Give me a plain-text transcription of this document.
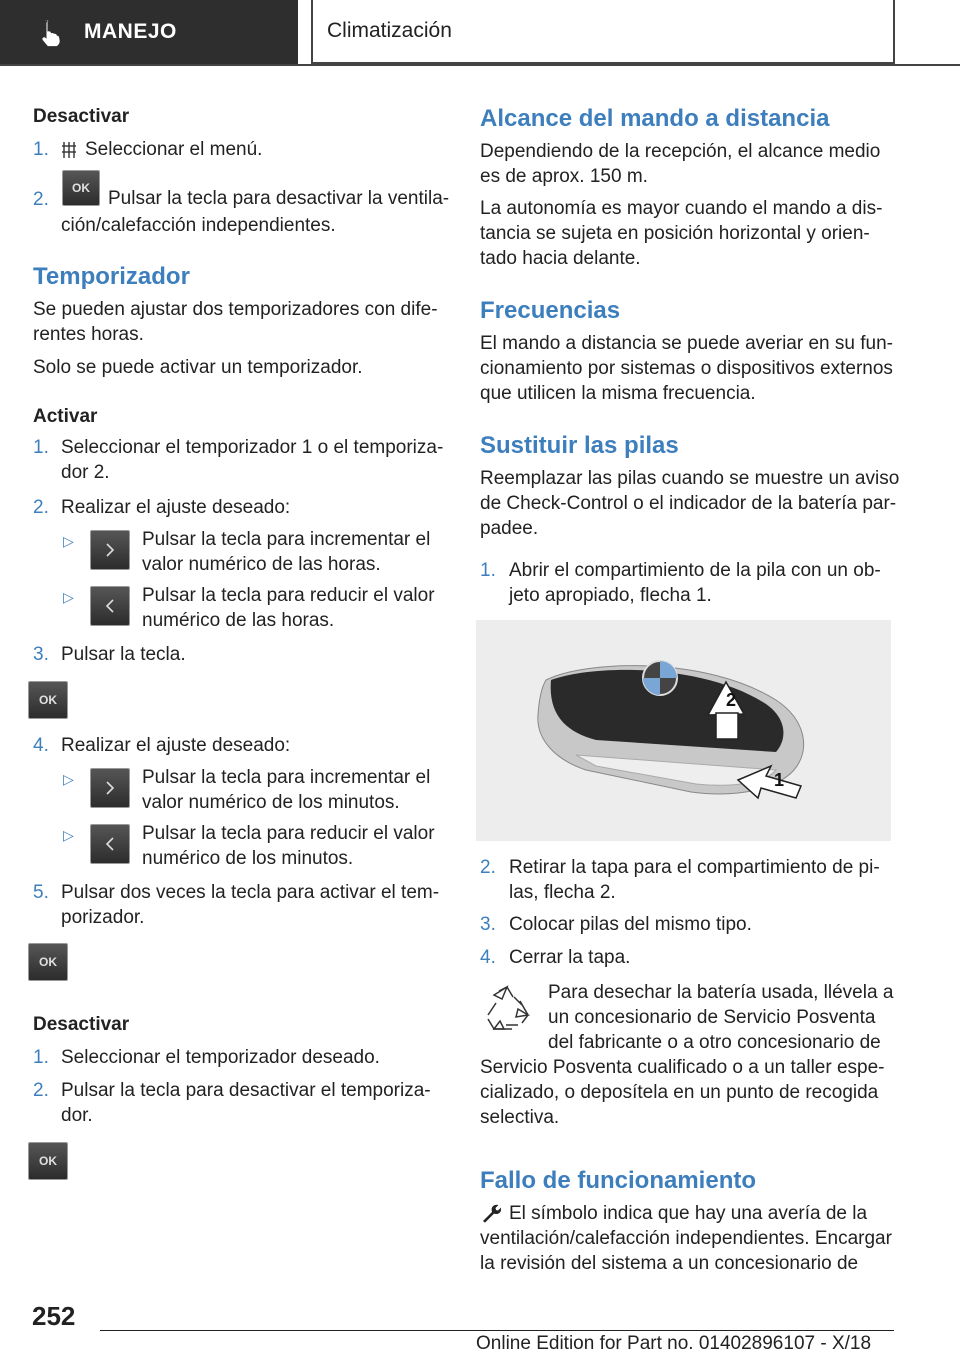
MANEJO	Climatización
Desactivar
1. Seleccionar el menú.
2.
OK Pulsar la tecla para desactivar la ventila-
ción/calefacción independientes.
Temporizador
Se pueden ajustar dos temporizadores con dife-
rentes horas.
Solo se puede activar un temporizador.
Activar
1. Seleccionar el temporizador 1 o el temporiza-
dor 2.
2. Realizar el ajuste deseado:
▷	Pulsar la tecla para incrementar el
valor numérico de las horas.
▷	Pulsar la tecla para reducir el valor
numérico de las horas.
3. Pulsar la tecla.
OK
4. Realizar el ajuste deseado:
▷	Pulsar la tecla para incrementar el
valor numérico de los minutos.
▷	Pulsar la tecla para reducir el valor
numérico de los minutos.
5. Pulsar dos veces la tecla para activar el tem-
porizador.
OK
Desactivar
1. Seleccionar el temporizador deseado.
2. Pulsar la tecla para desactivar el temporiza-
dor.
OK
Alcance del mando a distancia
Dependiendo de la recepción, el alcance medio
es de aprox. 150 m.
La autonomía es mayor cuando el mando a dis-
tancia se sujeta en posición horizontal y orien-
tado hacia delante.
Frecuencias
El mando a distancia se puede averiar en su fun-
cionamiento por sistemas o dispositivos externos
que utilicen la misma frecuencia.
Sustituir las pilas
Reemplazar las pilas cuando se muestre un aviso
de Check-Control o el indicador de la batería par-
padee.
1. Abrir el compartimiento de la pila con un ob-
jeto apropiado, flecha 1.
2
1
2. Retirar la tapa para el compartimiento de pi-
las, flecha 2.
3. Colocar pilas del mismo tipo.
4. Cerrar la tapa.
Para desechar la batería usada, llévela a
un concesionario de Servicio Posventa
del fabricante o a otro concesionario de
Servicio Posventa cualificado o a un taller espe-
cializado, o deposítela en un punto de recogida
selectiva.
Fallo de funcionamiento
El símbolo indica que hay una avería de la
ventilación/calefacción independientes. Encargar
la revisión del sistema a un concesionario de
252
Online Edition for Part no. 01402896107 - X/18
